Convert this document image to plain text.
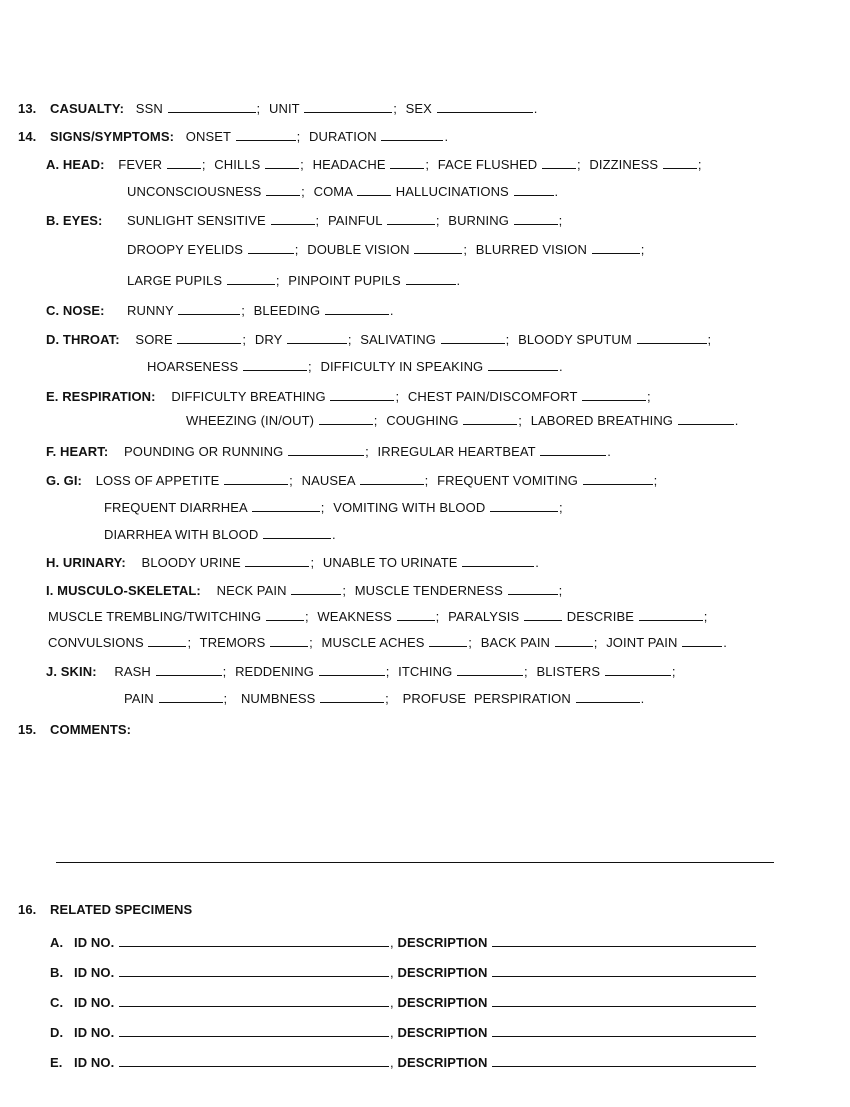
13. CASUALTY: SSN	; UNIT	; SEX	.
14. SIGNS/SYMPTOMS: ONSET	; DURATION	.
A. HEAD: FEVER	; CHILLS	; HEADACHE	; FACE FLUSHED	; DIZZINESS	;
UNCONSCIOUSNESS	; COMA	HALLUCINATIONS	.
B. EYES: SUNLIGHT SENSITIVE	; PAINFUL	; BURNING	;
DROOPY EYELIDS	; DOUBLE VISION	; BLURRED VISION	;
LARGE PUPILS	; PINPOINT PUPILS	.
C. NOSE: RUNNY	; BLEEDING	.
D. THROAT: SORE	; DRY	; SALIVATING	; BLOODY SPUTUM	;
HOARSENESS	; DIFFICULTY IN SPEAKING	.
E. RESPIRATION: DIFFICULTY BREATHING	; CHEST PAIN/DISCOMFORT	;
WHEEZING (IN/OUT)	; COUGHING	; LABORED BREATHING	.
F. HEART: POUNDING OR RUNNING	; IRREGULAR HEARTBEAT	.
G. GI: LOSS OF APPETITE	; NAUSEA	; FREQUENT VOMITING	;
FREQUENT DIARRHEA	; VOMITING WITH BLOOD	;
DIARRHEA WITH BLOOD	.
H. URINARY: BLOODY URINE	; UNABLE TO URINATE	.
I. MUSCULO-SKELETAL: NECK PAIN	; MUSCLE TENDERNESS	;
MUSCLE TREMBLING/TWITCHING	; WEAKNESS	; PARALYSIS	DESCRIBE	;
CONVULSIONS	; TREMORS	; MUSCLE ACHES	; BACK PAIN	; JOINT PAIN	.
J. SKIN: RASH	; REDDENING	; ITCHING	; BLISTERS	;
PAIN	; NUMBNESS	; PROFUSE PERSPIRATION	.
15. COMMENTS:
16. RELATED SPECIMENS
A. ID NO.	, DESCRIPTION
B. ID NO.	, DESCRIPTION
C. ID NO.	, DESCRIPTION
D. ID NO.	, DESCRIPTION
E. ID NO.	, DESCRIPTION
